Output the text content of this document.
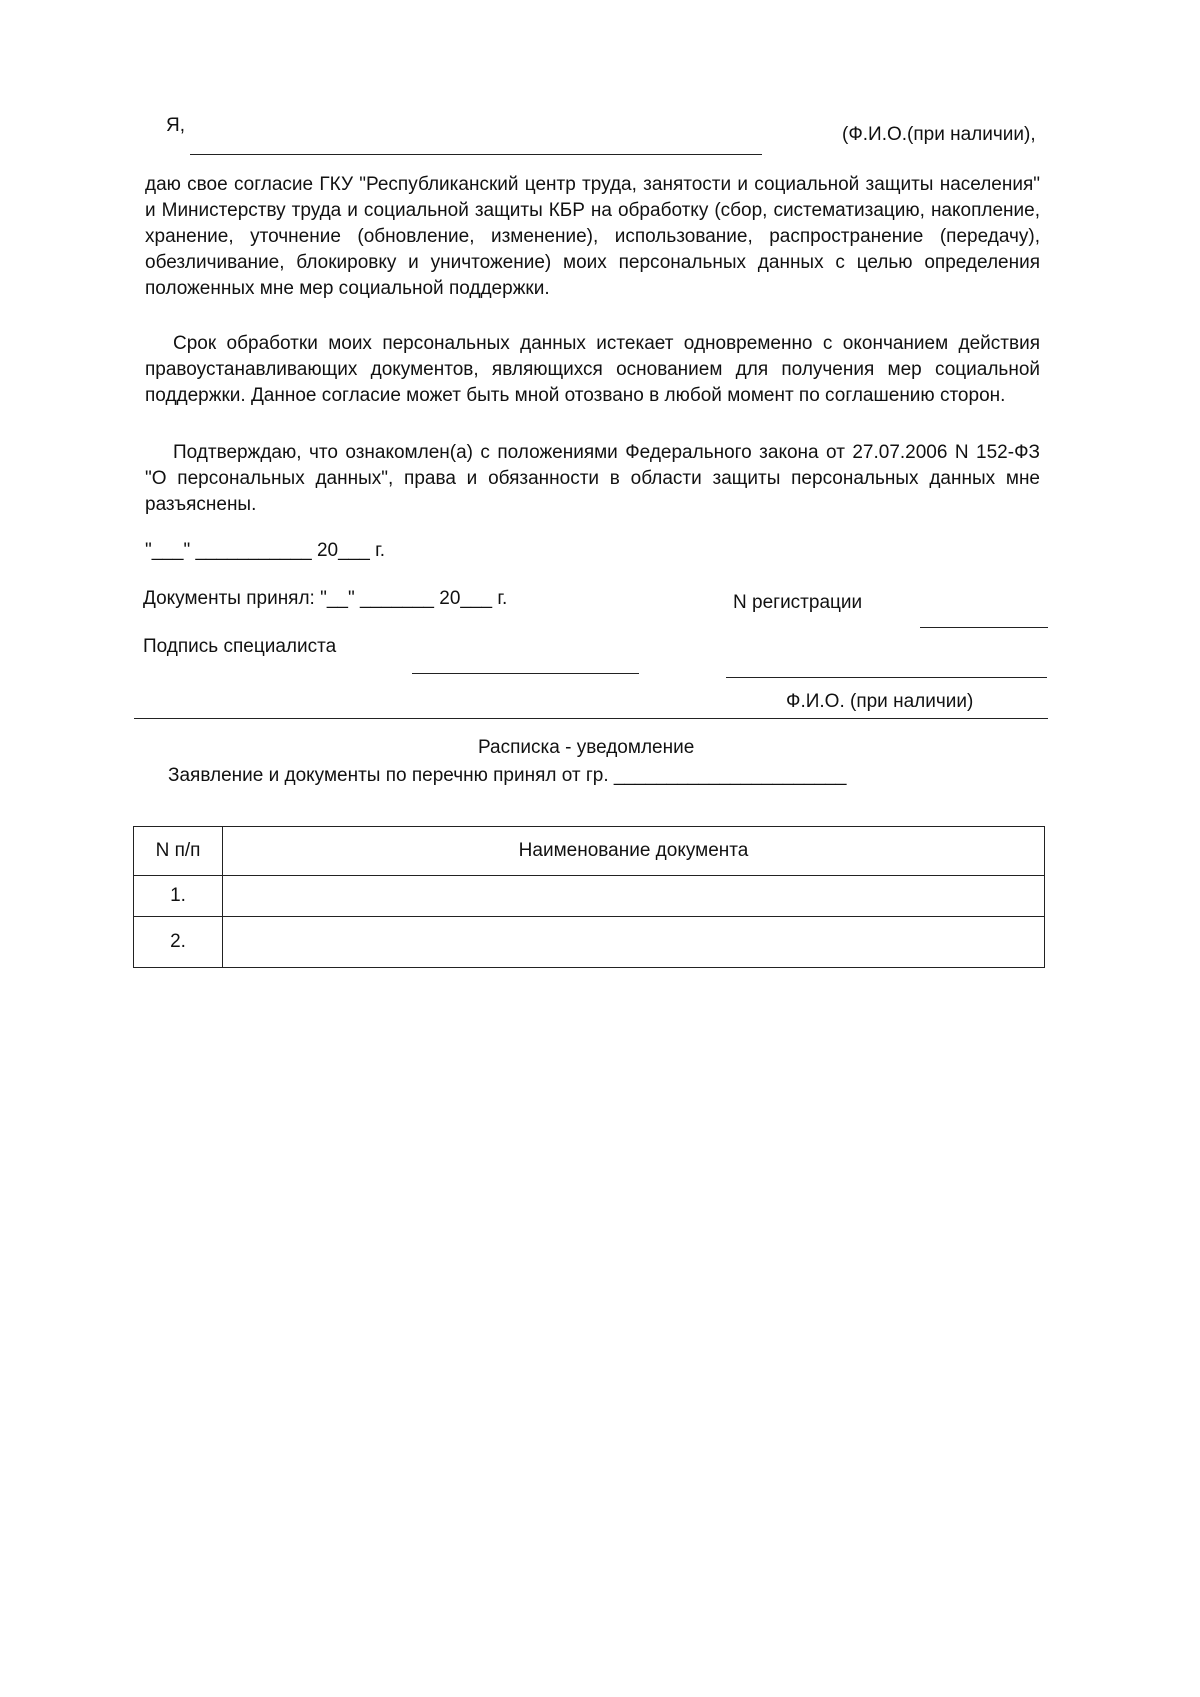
Я,	(Ф.И.О.(при наличии),
даю свое согласие ГКУ "Республиканский центр труда, занятости и социальной защиты населения" и Министерству труда и социальной защиты КБР на обработку (сбор, систематизацию, накопление, хранение, уточнение (обновление, изменение), использование, распространение (передачу), обезличивание, блокировку и уничтожение) моих персональных данных с целью определения положенных мне мер социальной поддержки.
Срок обработки моих персональных данных истекает одновременно с окончанием действия правоустанавливающих документов, являющихся основанием для получения мер социальной поддержки. Данное согласие может быть мной отозвано в любой момент по соглашению сторон.
Подтверждаю, что ознакомлен(а) с положениями Федерального закона от 27.07.2006 N 152-ФЗ "О персональных данных", права и обязанности в области защиты персональных данных мне разъяснены.
"___" ___________ 20___ г.
Документы принял: "__" _______ 20___ г.	N регистрации
Подпись специалиста
Ф.И.О. (при наличии)
Расписка - уведомление
Заявление и документы по перечню принял от гр. ______________________
N п/п	Наименование документа
1.	
2.	
